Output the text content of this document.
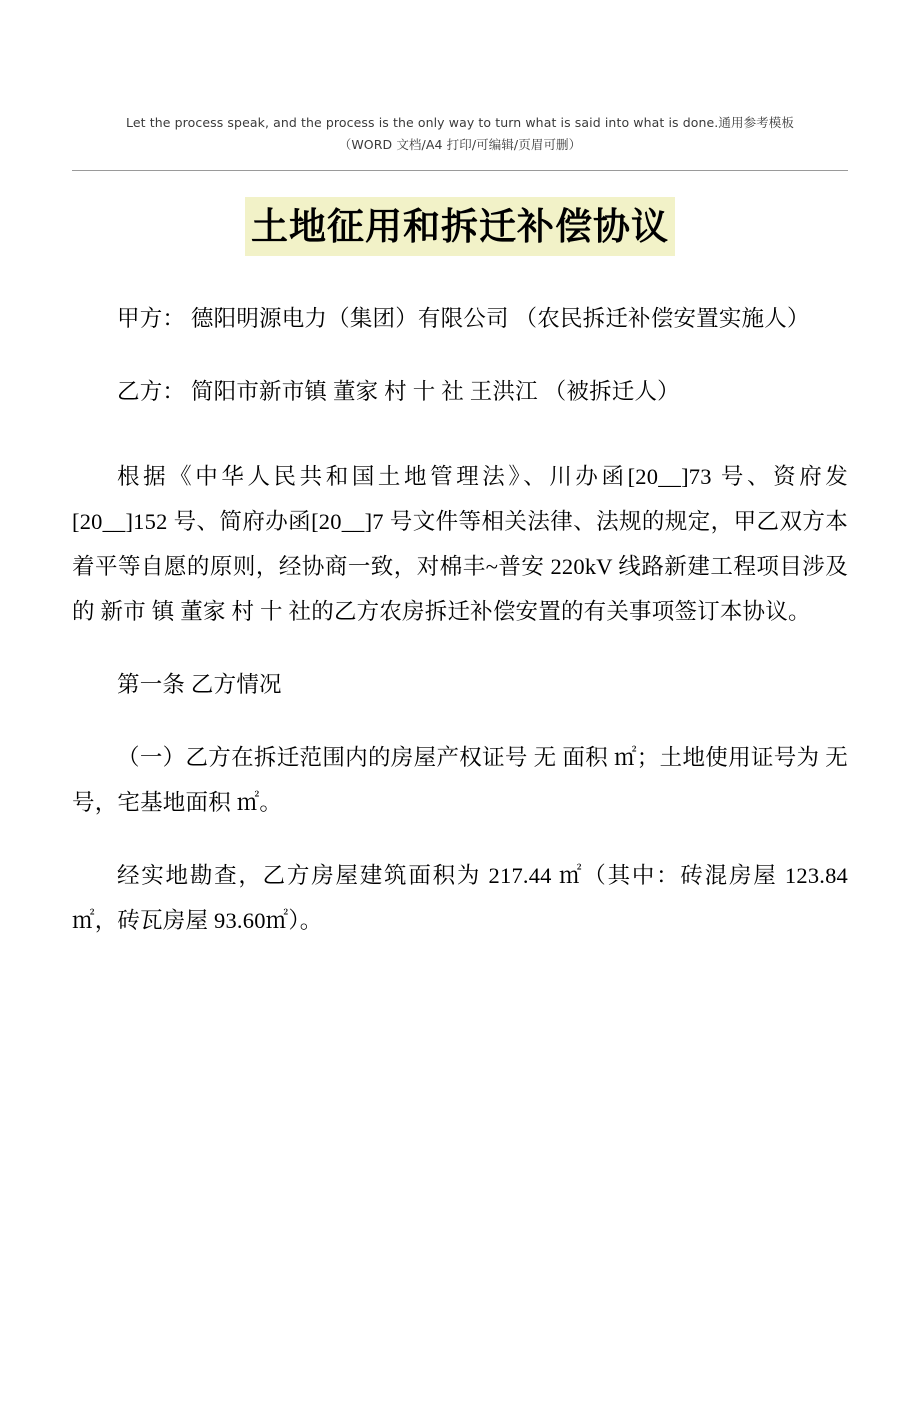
Let the process speak, and the process is the only way to turn what is said into what is done.通用参考模板
（WORD 文档/A4 打印/可编辑/页眉可删）
土地征用和拆迁补偿协议

甲方： 德阳明源电力（集团）有限公司 （农民拆迁补偿安置实施人）

乙方： 简阳市新市镇 董家 村 十 社 王洪江 （被拆迁人）

根据《中华人民共和国土地管理法》、川办函[20__]73 号、资府发[20__]152 号、简府办函[20__]7 号文件等相关法律、法规的规定，甲乙双方本着平等自愿的原则，经协商一致，对棉丰~普安 220kV 线路新建工程项目涉及的 新市 镇 董家 村 十 社的乙方农房拆迁补偿安置的有关事项签订本协议。

第一条 乙方情况

（一）乙方在拆迁范围内的房屋产权证号 无 面积 ㎡；土地使用证号为 无 号，宅基地面积 ㎡。

经实地勘查，乙方房屋建筑面积为 217.44 ㎡（其中：砖混房屋 123.84 ㎡，砖瓦房屋 93.60㎡）。
